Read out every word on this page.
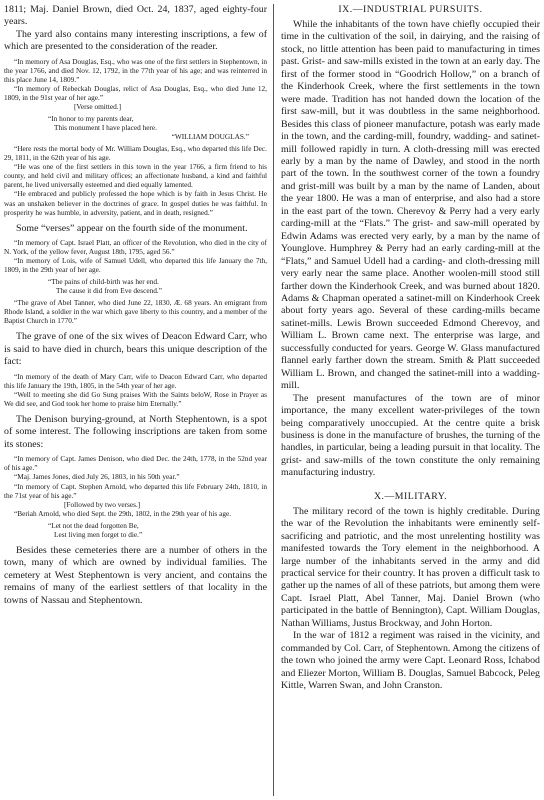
1811; Maj. Daniel Brown, died Oct. 24, 1837, aged eighty-four years.

The yard also contains many interesting inscriptions, a few of which are presented to the consideration of the reader.

“In memory of Asa Douglas, Esq., who was one of the first settlers in Stephentown, in the year 1766, and died Nov. 12, 1792, in the 77th year of his age; and was reinterred in this place June 14, 1809.”

“In memory of Rebeckah Douglas, relict of Asa Douglas, Esq., who died June 12, 1809, in the 91st year of her age.”

[Verse omitted.]

“In honor to my parents dear,
This monument I have placed here.
“WILLIAM DOUGLAS.”

“Here rests the mortal body of Mr. William Douglas, Esq., who departed this life Dec. 29, 1811, in the 62th year of his age.

“He was one of the first settlers in this town in the year 1766, a firm friend to his county, and held civil and military offices; an affectionate husband, a kind and faithful parent, he lived universally esteemed and died equally lamented.

“He embraced and publicly professed the hope which is by faith in Jesus Christ. He was an unshaken believer in the doctrines of grace. In gospel duties he was faithful. In prosperity he was humble, in adversity, patient, and in death, resigned.”

Some “verses” appear on the fourth side of the monument.

“In memory of Capt. Israel Platt, an officer of the Revolution, who died in the city of N. York, of the yellow fever, August 18th, 1795, aged 56.”

“In memory of Lois, wife of Samuel Udell, who departed this life January the 7th, 1809, in the 29th year of her age.

“The pains of child-birth was her end.
The cause it did from Eve descend.”

“The grave of Abel Tanner, who died June 22, 1830, Æ. 68 years. An emigrant from Rhode Island, a soldier in the war which gave liberty to this country, and a member of the Baptist Church in 1770.”

The grave of one of the six wives of Deacon Edward Carr, who is said to have died in church, bears this unique description of the fact:

“In memory of the death of Mary Carr, wife to Deacon Edward Carr, who departed this life January the 19th, 1805, in the 54th year of her age.

“Well to meeting she did Go Sung praises With the Saints beloW, Rose in Prayer as We did see, and God took her home to praise him Eternally.”

The Denison burying-ground, at North Stephentown, is a spot of some interest. The following inscriptions are taken from some its stones:

“In memory of Capt. James Denison, who died Dec. the 24th, 1778, in the 52nd year of his age.”

“Maj. James Jones, died July 26, 1803, in his 50th year.”

“In memory of Capt. Stephen Arnold, who departed this life February 24th, 1810, in the 71st year of his age.”

[Followed by two verses.]

“Beriah Arnold, who died Sept. the 29th, 1802, in the 29th year of his age.

“Let not the dead forgotten Be,
Lest living men forget to die.”

Besides these cemeteries there are a number of others in the town, many of which are owned by individual families. The cemetery at West Stephentown is very ancient, and contains the remains of many of the earliest settlers of that locality in the towns of Nassau and Stephentown.

IX.—INDUSTRIAL PURSUITS.

While the inhabitants of the town have chiefly occupied their time in the cultivation of the soil, in dairying, and the raising of stock, no little attention has been paid to manufacturing in times past. Grist- and saw-mills existed in the town at an early day. The first of the former stood in “Goodrich Hollow,” on a branch of the Kinderhook Creek, where the first settlements in the town were made. Tradition has not handed down the location of the first saw-mill, but it was doubtless in the same neighborhood. Besides this class of pioneer manufacture, potash was early made in the town, and the carding-mill, foundry, wadding- and satinet-mill followed rapidly in turn. A cloth-dressing mill was erected early by a man by the name of Dawley, and stood in the north part of the town. In the southwest corner of the town a foundry and grist-mill was built by a man by the name of Landen, about the year 1800. He was a man of enterprise, and also had a store in the east part of the town. Cherevoy & Perry had a very early carding-mill at the “Flats.” The grist- and saw-mill operated by Edwin Adams was erected very early, by a man by the name of Younglove. Humphrey & Perry had an early carding-mill at the “Flats,” and Samuel Udell had a carding- and cloth-dressing mill very early near the same place. Another woolen-mill stood still farther down the Kinderhook Creek, and was burned about 1820. Adams & Chapman operated a satinet-mill on Kinderhook Creek about forty years ago. Several of these carding-mills became satinet-mills. Lewis Brown succeeded Edmond Cherevoy, and William L. Brown came next. The enterprise was large, and successfully conducted for years. George W. Glass manufactured flannel early farther down the stream. Smith & Platt succeeded William L. Brown, and changed the satinet-mill into a wadding-mill.

The present manufactures of the town are of minor importance, the many excellent water-privileges of the town being comparatively unoccupied. At the centre quite a brisk business is done in the manufacture of brushes, the turning of the handles, in particular, being a leading pursuit in that locality. The grist- and saw-mills of the town constitute the only remaining manufacturing industry.

X.—MILITARY.

The military record of the town is highly creditable. During the war of the Revolution the inhabitants were eminently self-sacrificing and patriotic, and the most unrelenting hostility was manifested towards the Tory element in the neighborhood. A large number of the inhabitants served in the army and did practical service for their country. It has proven a difficult task to gather up the names of all of these patriots, but among them were Capt. Israel Platt, Abel Tanner, Maj. Daniel Brown (who participated in the battle of Bennington), Capt. William Douglas, Nathan Williams, Justus Brockway, and John Horton.

In the war of 1812 a regiment was raised in the vicinity, and commanded by Col. Carr, of Stephentown. Among the citizens of the town who joined the army were Capt. Leonard Ross, Ichabod and Eliezer Morton, William B. Douglas, Samuel Babcock, Peleg Kittle, Warren Swan, and John Cranston.
